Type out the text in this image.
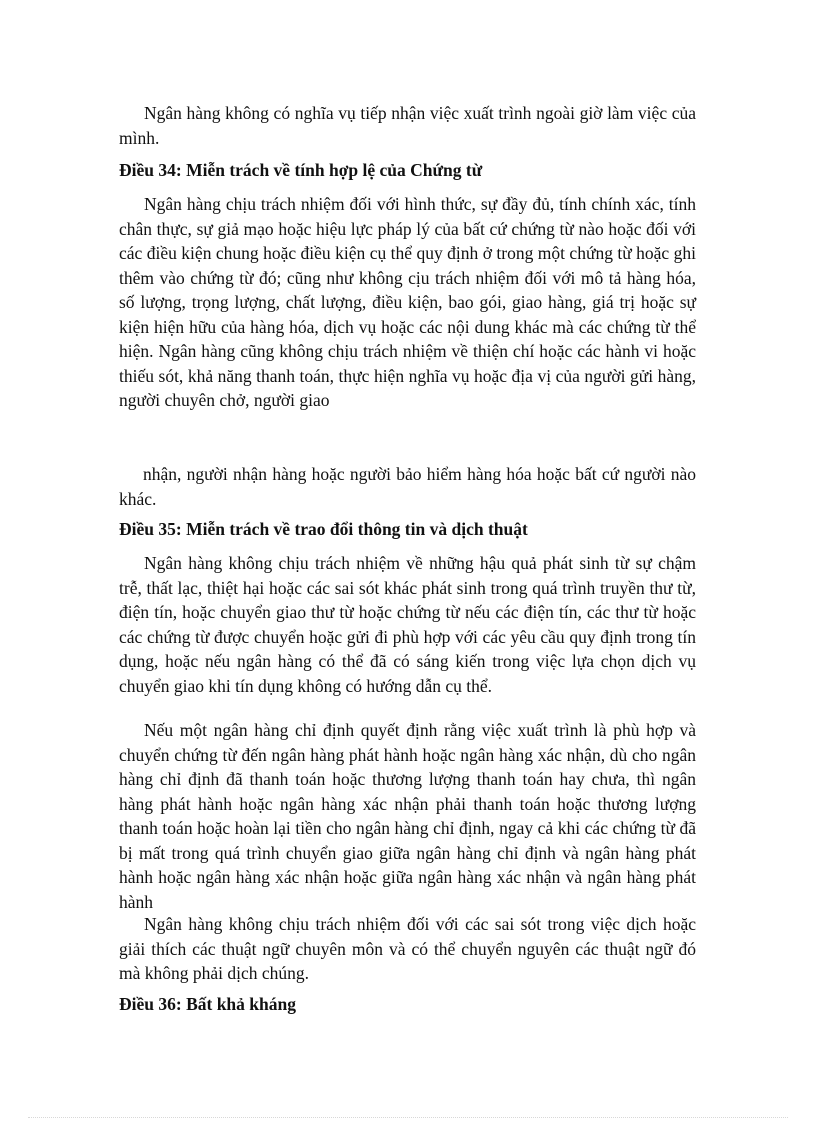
Ngân hàng không có nghĩa vụ tiếp nhận việc xuất trình ngoài giờ làm việc của mình.

Điều 34: Miễn trách về tính hợp lệ của Chứng từ

Ngân hàng chịu trách nhiệm đối với hình thức, sự đầy đủ, tính chính xác, tính chân thực, sự giả mạo hoặc hiệu lực pháp lý của bất cứ chứng từ nào hoặc đối với các điều kiện chung hoặc điều kiện cụ thể quy định ở trong một chứng từ hoặc ghi thêm vào chứng từ đó; cũng như không cịu trách nhiệm đối với mô tả hàng hóa, số lượng, trọng lượng, chất lượng, điều kiện, bao gói, giao hàng, giá trị hoặc sự kiện hiện hữu của hàng hóa, dịch vụ hoặc các nội dung khác mà các chứng từ thể hiện. Ngân hàng cũng không chịu trách nhiệm về thiện chí hoặc các hành vi hoặc thiếu sót, khả năng thanh toán, thực hiện nghĩa vụ hoặc địa vị của người gửi hàng, người chuyên chở, người giao

nhận, người nhận hàng hoặc người bảo hiểm hàng hóa hoặc bất cứ người nào khác.

Điều 35: Miễn trách về trao đổi thông tin và dịch thuật

Ngân hàng không chịu trách nhiệm về những hậu quả phát sinh từ sự chậm trễ, thất lạc, thiệt hại hoặc các sai sót khác phát sinh trong quá trình truyền thư từ, điện tín, hoặc chuyển giao thư từ hoặc chứng từ nếu các điện tín, các thư từ hoặc các chứng từ được chuyển hoặc gửi đi phù hợp với các yêu cầu quy định trong tín dụng, hoặc nếu ngân hàng có thể đã có sáng kiến trong việc lựa chọn dịch vụ chuyển giao khi tín dụng không có hướng dẫn cụ thể.

Nếu một ngân hàng chỉ định quyết định rằng việc xuất trình là phù hợp và chuyển chứng từ đến ngân hàng phát hành hoặc ngân hàng xác nhận, dù cho ngân hàng chỉ định đã thanh toán hoặc thương lượng thanh toán hay chưa, thì ngân hàng phát hành hoặc ngân hàng xác nhận phải thanh toán hoặc thương lượng thanh toán hoặc hoàn lại tiền cho ngân hàng chỉ định, ngay cả khi các chứng từ đã bị mất trong quá trình chuyển giao giữa ngân hàng chỉ định và ngân hàng phát hành hoặc ngân hàng xác nhận hoặc giữa ngân hàng xác nhận và ngân hàng phát hành

Ngân hàng không chịu trách nhiệm đối với các sai sót trong việc dịch hoặc giải thích các thuật ngữ chuyên môn và có thể chuyển nguyên các thuật ngữ đó mà không phải dịch chúng.

Điều 36: Bất khả kháng
